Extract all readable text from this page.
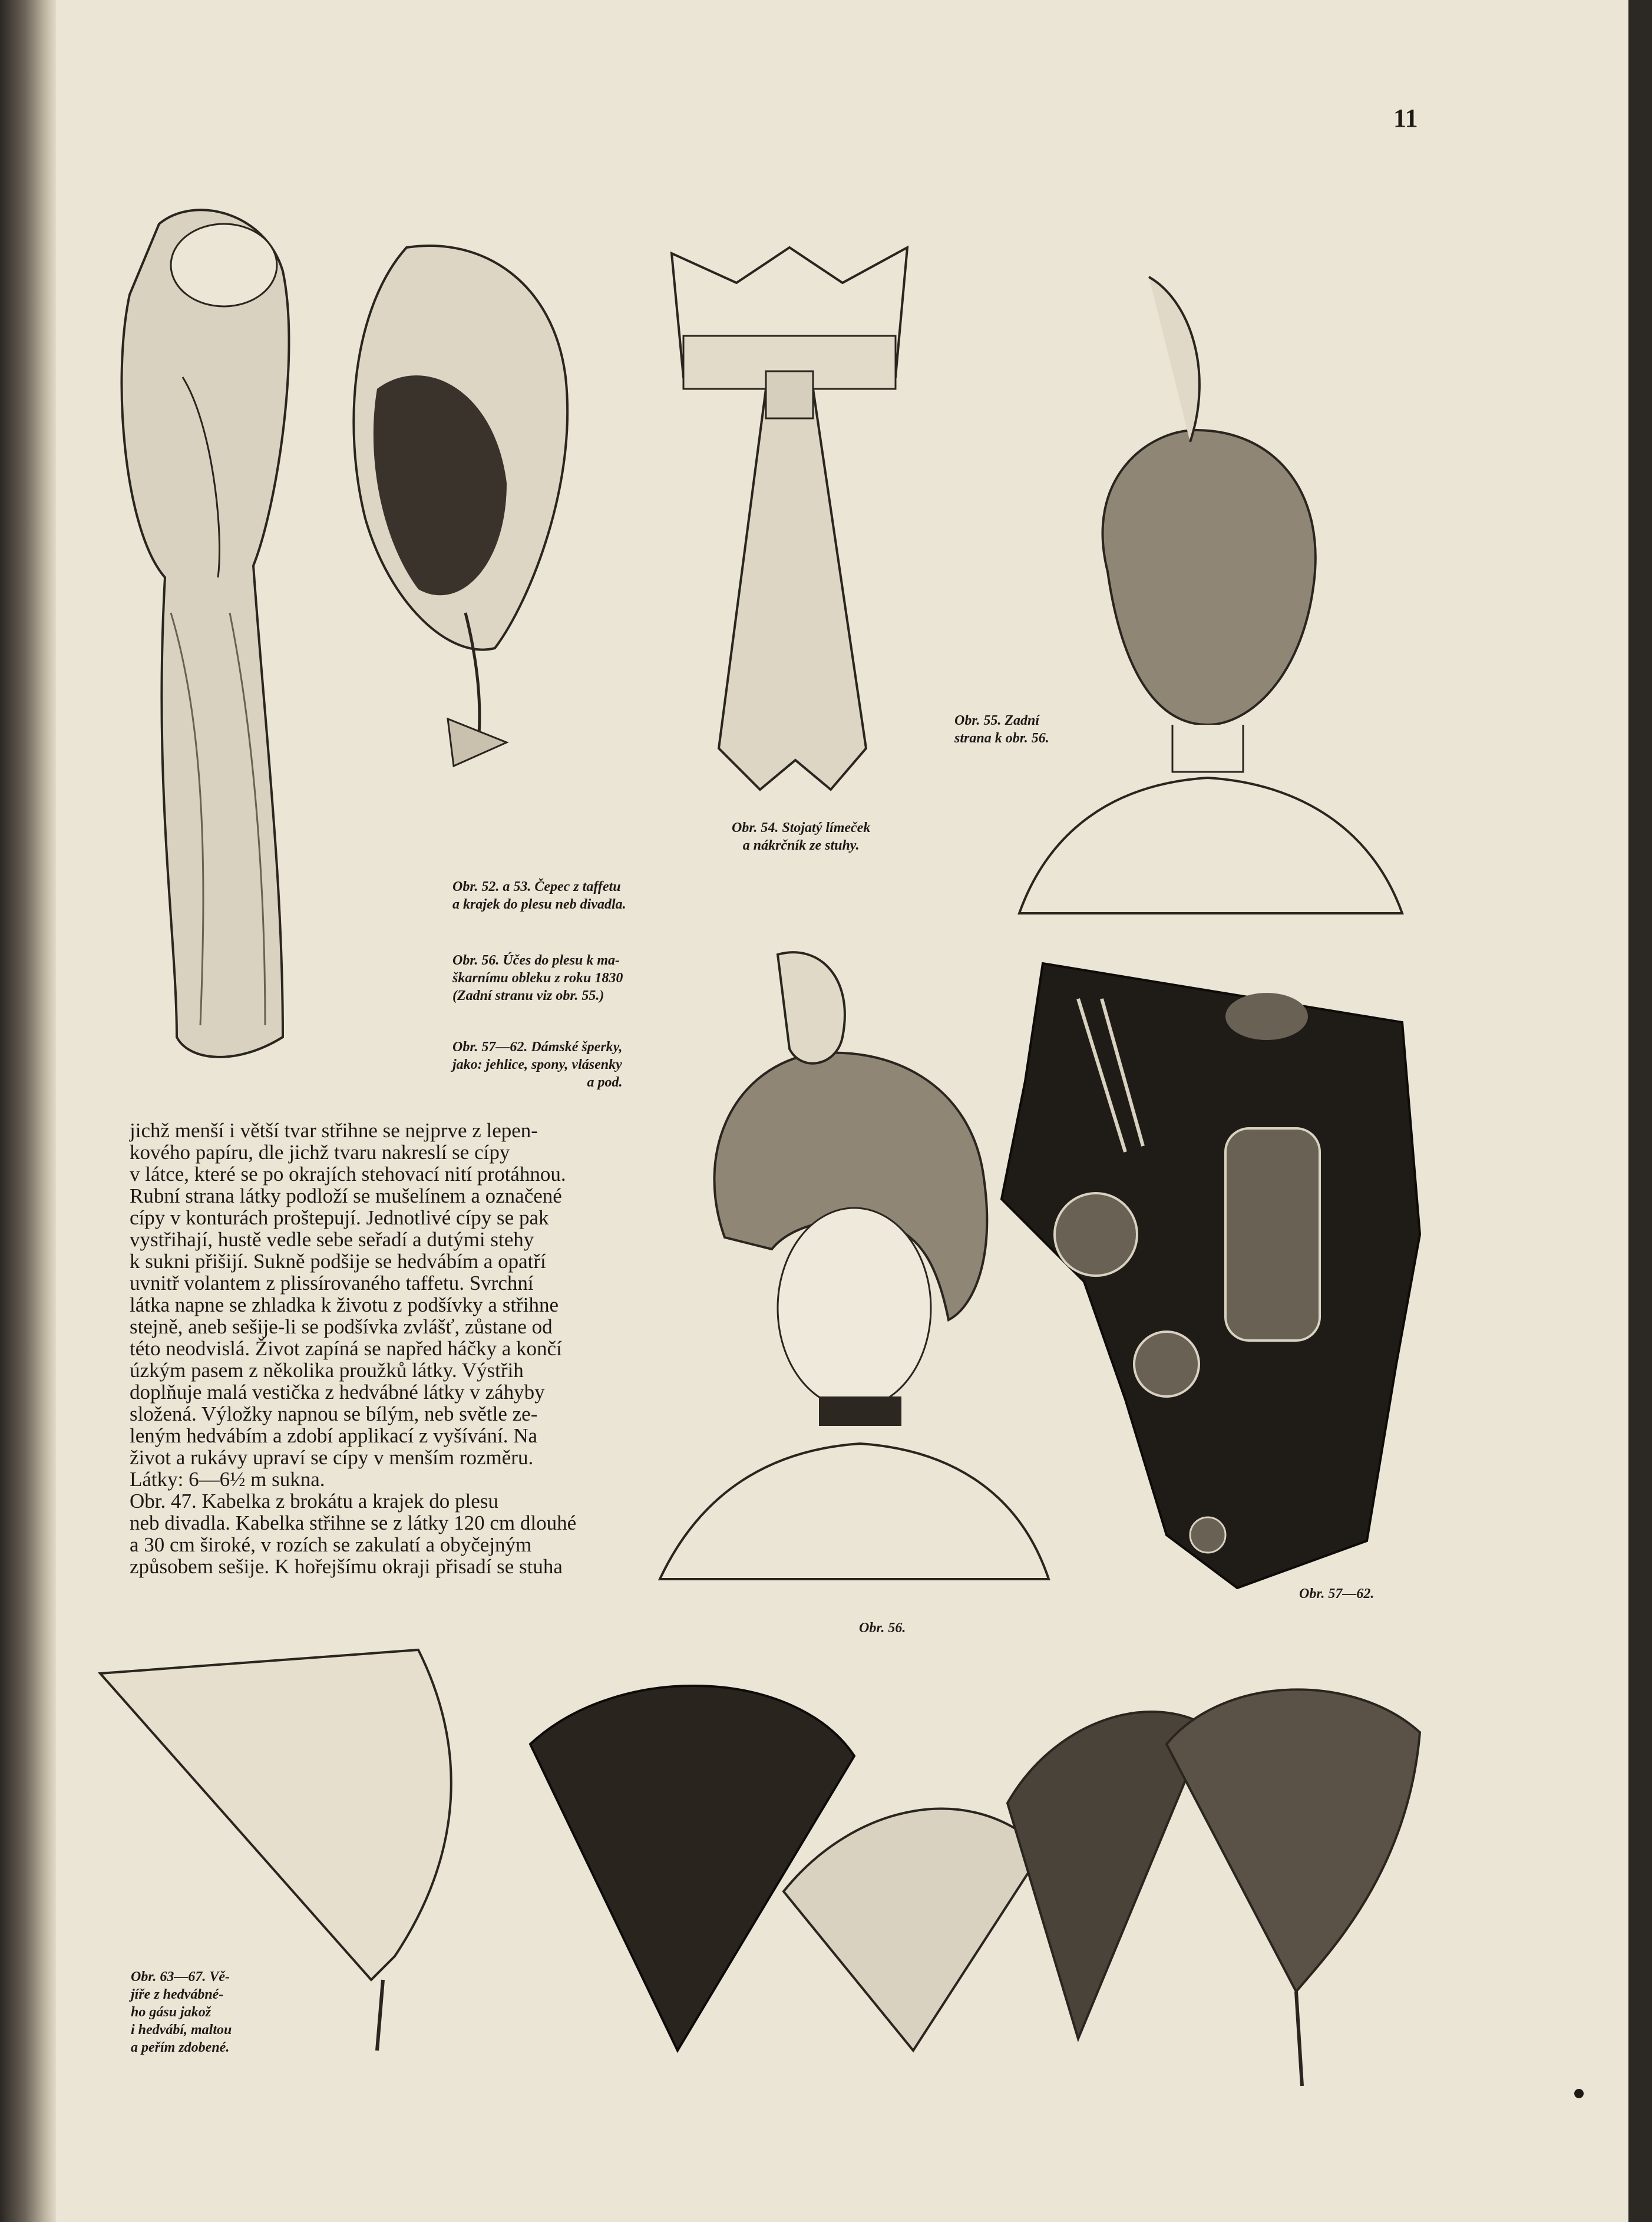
11
Obr. 52. a 53. Čepec z taffetu
a krajek do plesu neb divadla.
Obr. 54. Stojatý límeček
a nákrčník ze stuhy.
Obr. 55. Zadní
strana k obr. 56.
Obr. 56. Účes do plesu k ma-
škarnímu obleku z roku 1830
(Zadní stranu viz obr. 55.)
Obr. 57—62. Dámské šperky,
jako: jehlice, spony, vlásenky
a pod.
jichž menší i větší tvar střihne se nejprve z lepen-
kového papíru, dle jichž tvaru nakreslí se cípy
v látce, které se po okrajích stehovací nití protáhnou.
Rubní strana látky podloží se mušelínem a označené
cípy v konturách proštepují. Jednotlivé cípy se pak
vystřihají, hustě vedle sebe seřadí a dutými stehy
k sukni přišijí. Sukně podšije se hedvábím a opatří
uvnitř volantem z plissírovaného taffetu. Svrchní
látka napne se zhladka k životu z podšívky a střihne
stejně, aneb sešije-li se podšívka zvlášť, zůstane od
této neodvislá. Život zapíná se napřed háčky a končí
úzkým pasem z několika proužků látky. Výstřih
doplňuje malá vestička z hedvábné látky v záhyby
složená. Výložky napnou se bílým, neb světle ze-
leným hedvábím a zdobí applikací z vyšívání. Na
život a rukávy upraví se cípy v menším rozměru.
Látky: 6—6½ m sukna.
Obr. 47. Kabelka z brokátu a krajek do plesu
neb divadla. Kabelka střihne se z látky 120 cm dlouhé
a 30 cm široké, v rozích se zakulatí a obyčejným
způsobem sešije. K hořejšímu okraji přisadí se stuha
Obr. 56.
Obr. 57—62.
Obr. 63—67. Vě-
jíře z hedvábné-
ho gásu jakož
i hedvábí, maltou
a peřím zdobené.
